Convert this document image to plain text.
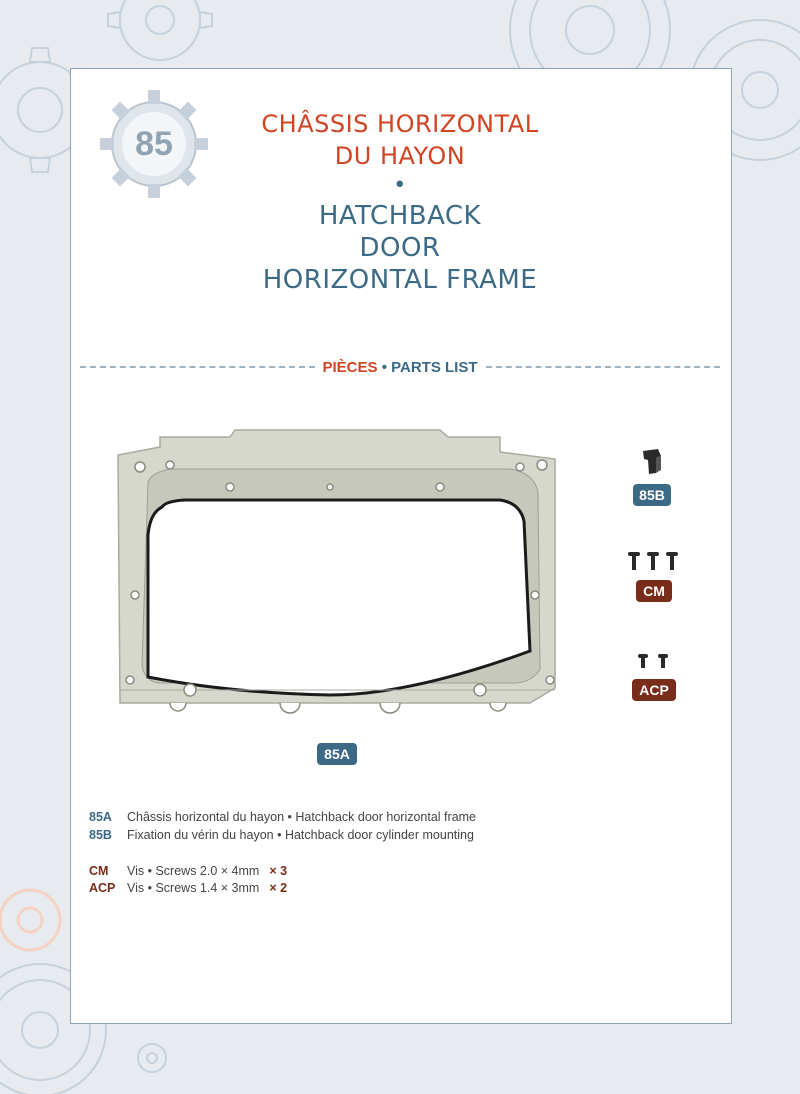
85
CHÂSSIS HORIZONTAL
DU HAYON
•
HATCHBACK
DOOR
HORIZONTAL FRAME
PIÈCES • PARTS LIST
85B
CM
ACP
85A
85A	Châssis horizontal du hayon • Hatchback door horizontal frame
85B	Fixation du vérin du hayon • Hatchback door cylinder mounting
CM	Vis • Screws 2.0 × 4mm × 3
ACP Vis • Screws 1.4 × 3mm × 2
